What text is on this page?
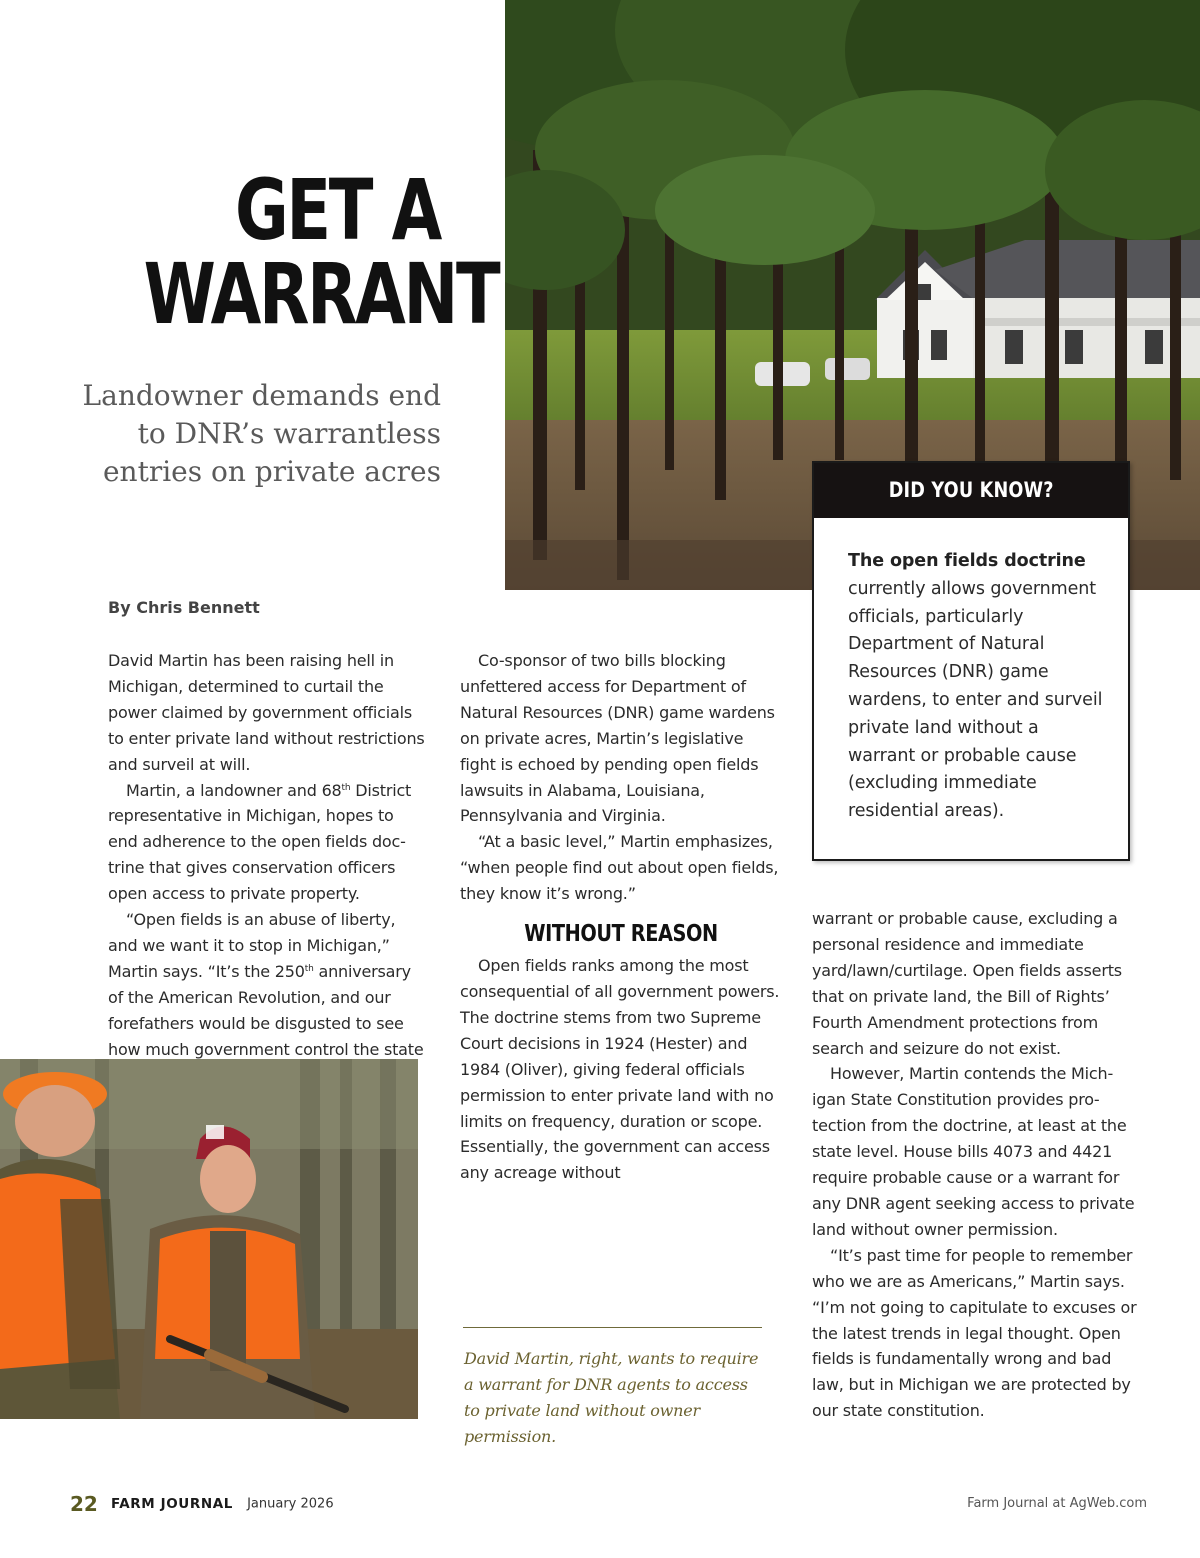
GET A
WARRANT

Landowner demands end to DNR’s warrantless entries on private acres

By Chris Bennett

David Martin has been raising hell in Michigan, determined to curtail the power claimed by government officials to enter private land without restrictions and surveil at will.

Martin, a landowner and 68th District representative in Michigan, hopes to end adherence to the open fields doctrine that gives conservation officers open access to private property.

“Open fields is an abuse of liberty, and we want it to stop in Michigan,” Martin says. “It’s the 250th anniversary of the American Revolution, and our forefathers would be disgusted to see how much government control the state

Co-sponsor of two bills blocking unfettered access for Department of Natural Resources (DNR) game wardens on private acres, Martin’s legislative fight is echoed by pending open fields lawsuits in Alabama, Louisiana, Pennsylvania and Virginia.

“At a basic level,” Martin emphasizes, “when people find out about open fields, they know it’s wrong.”

WITHOUT REASON

Open fields ranks among the most consequential of all government powers. The doctrine stems from two Supreme Court decisions in 1924 (Hester) and 1984 (Oliver), giving federal officials permission to enter private land with no limits on frequency, duration or scope. Essentially, the government can access any acreage without

warrant or probable cause, excluding a personal residence and immediate yard/lawn/curtilage. Open fields asserts that on private land, the Bill of Rights’ Fourth Amendment protections from search and seizure do not exist.

However, Martin contends the Michigan State Constitution provides protection from the doctrine, at least at the state level. House bills 4073 and 4421 require probable cause or a warrant for any DNR agent seeking access to private land without owner permission.

“It’s past time for people to remember who we are as Americans,” Martin says. “I’m not going to capitulate to excuses or the latest trends in legal thought. Open fields is fundamentally wrong and bad law, but in Michigan we are protected by our state constitution.

DID YOU KNOW?
The open fields doctrine currently allows government officials, particularly Department of Natural Resources (DNR) game wardens, to enter and surveil private land without a warrant or probable cause (excluding immediate residential areas).

David Martin, right, wants to require a warrant for DNR agents to access to private land without owner permission.

22 FARM JOURNAL January 2026	Farm Journal at AgWeb.com
